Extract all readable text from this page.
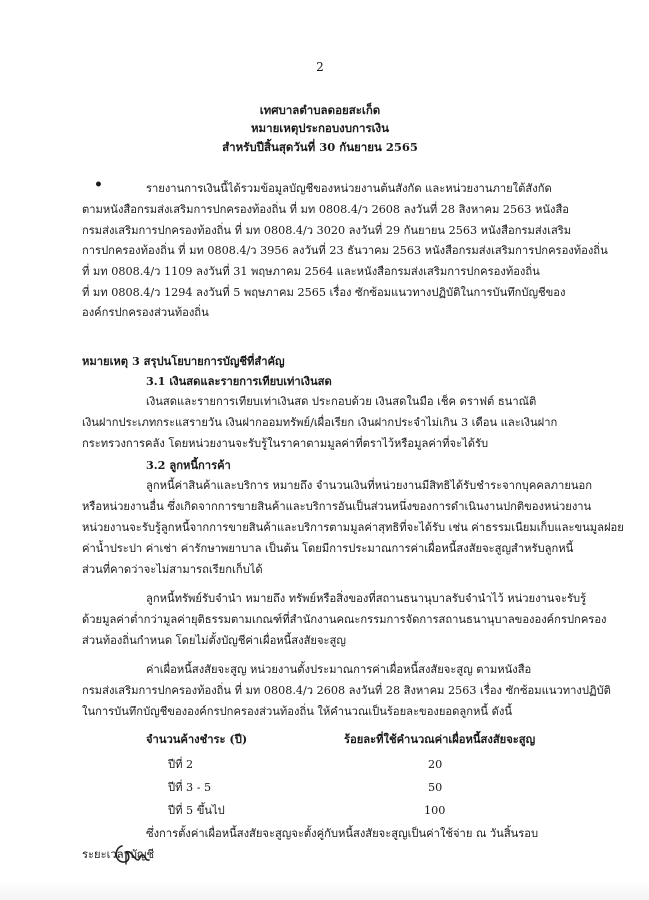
2
เทศบาลตำบลดอยสะเก็ด
หมายเหตุประกอบงบการเงิน
สำหรับปีสิ้นสุดวันที่ 30 กันยายน 2565
•	รายงานการเงินนี้ได้รวมข้อมูลบัญชีของหน่วยงานต้นสังกัด และหน่วยงานภายใต้สังกัด
ตามหนังสือกรมส่งเสริมการปกครองท้องถิ่น ที่ มท 0808.4/ว 2608 ลงวันที่ 28 สิงหาคม 2563 หนังสือ
กรมส่งเสริมการปกครองท้องถิ่น ที่ มท 0808.4/ว 3020 ลงวันที่ 29 กันยายน 2563 หนังสือกรมส่งเสริม
การปกครองท้องถิ่น ที่ มท 0808.4/ว 3956 ลงวันที่ 23 ธันวาคม 2563 หนังสือกรมส่งเสริมการปกครองท้องถิ่น
ที่ มท 0808.4/ว 1109 ลงวันที่ 31 พฤษภาคม 2564 และหนังสือกรมส่งเสริมการปกครองท้องถิ่น
ที่ มท 0808.4/ว 1294 ลงวันที่ 5 พฤษภาคม 2565 เรื่อง ซักซ้อมแนวทางปฏิบัติในการบันทึกบัญชีของ
องค์กรปกครองส่วนท้องถิ่น
หมายเหตุ 3 สรุปนโยบายการบัญชีที่สำคัญ
3.1 เงินสดและรายการเทียบเท่าเงินสด
เงินสดและรายการเทียบเท่าเงินสด ประกอบด้วย เงินสดในมือ เช็ค ดราฟต์ ธนาณัติ
เงินฝากประเภทกระแสรายวัน เงินฝากออมทรัพย์/เผื่อเรียก เงินฝากประจำไม่เกิน 3 เดือน และเงินฝาก
กระทรวงการคลัง โดยหน่วยงานจะรับรู้ในราคาตามมูลค่าที่ตราไว้หรือมูลค่าที่จะได้รับ
3.2 ลูกหนี้การค้า
ลูกหนี้ค่าสินค้าและบริการ หมายถึง จำนวนเงินที่หน่วยงานมีสิทธิได้รับชำระจากบุคคลภายนอก
หรือหน่วยงานอื่น ซึ่งเกิดจากการขายสินค้าและบริการอันเป็นส่วนหนึ่งของการดำเนินงานปกติของหน่วยงาน
หน่วยงานจะรับรู้ลูกหนี้จากการขายสินค้าและบริการตามมูลค่าสุทธิที่จะได้รับ เช่น ค่าธรรมเนียมเก็บและขนมูลฝอย
ค่าน้ำประปา ค่าเช่า ค่ารักษาพยาบาล เป็นต้น โดยมีการประมาณการค่าเผื่อหนี้สงสัยจะสูญสำหรับลูกหนี้
ส่วนที่คาดว่าจะไม่สามารถเรียกเก็บได้
ลูกหนี้ทรัพย์รับจำนำ หมายถึง ทรัพย์หรือสิ่งของที่สถานธนานุบาลรับจำนำไว้ หน่วยงานจะรับรู้
ด้วยมูลค่าต่ำกว่ามูลค่ายุติธรรมตามเกณฑ์ที่สำนักงานคณะกรรมการจัดการสถานธนานุบาลขององค์กรปกครอง
ส่วนท้องถิ่นกำหนด โดยไม่ตั้งบัญชีค่าเผื่อหนี้สงสัยจะสูญ
ค่าเผื่อหนี้สงสัยจะสูญ หน่วยงานตั้งประมาณการค่าเผื่อหนี้สงสัยจะสูญ ตามหนังสือ
กรมส่งเสริมการปกครองท้องถิ่น ที่ มท 0808.4/ว 2608 ลงวันที่ 28 สิงหาคม 2563 เรื่อง ซักซ้อมแนวทางปฏิบัติ
ในการบันทึกบัญชีขององค์กรปกครองส่วนท้องถิ่น ให้คำนวณเป็นร้อยละของยอดลูกหนี้ ดังนี้
จำนวนค้างชำระ (ปี)	ร้อยละที่ใช้คำนวณค่าเผื่อหนี้สงสัยจะสูญ
ปีที่ 2	20
ปีที่ 3 - 5	50
ปีที่ 5 ขึ้นไป	100
ซึ่งการตั้งค่าเผื่อหนี้สงสัยจะสูญจะตั้งคู่กับหนี้สงสัยจะสูญเป็นค่าใช้จ่าย ณ วันสิ้นรอบ
ระยะเวลาบัญชี
